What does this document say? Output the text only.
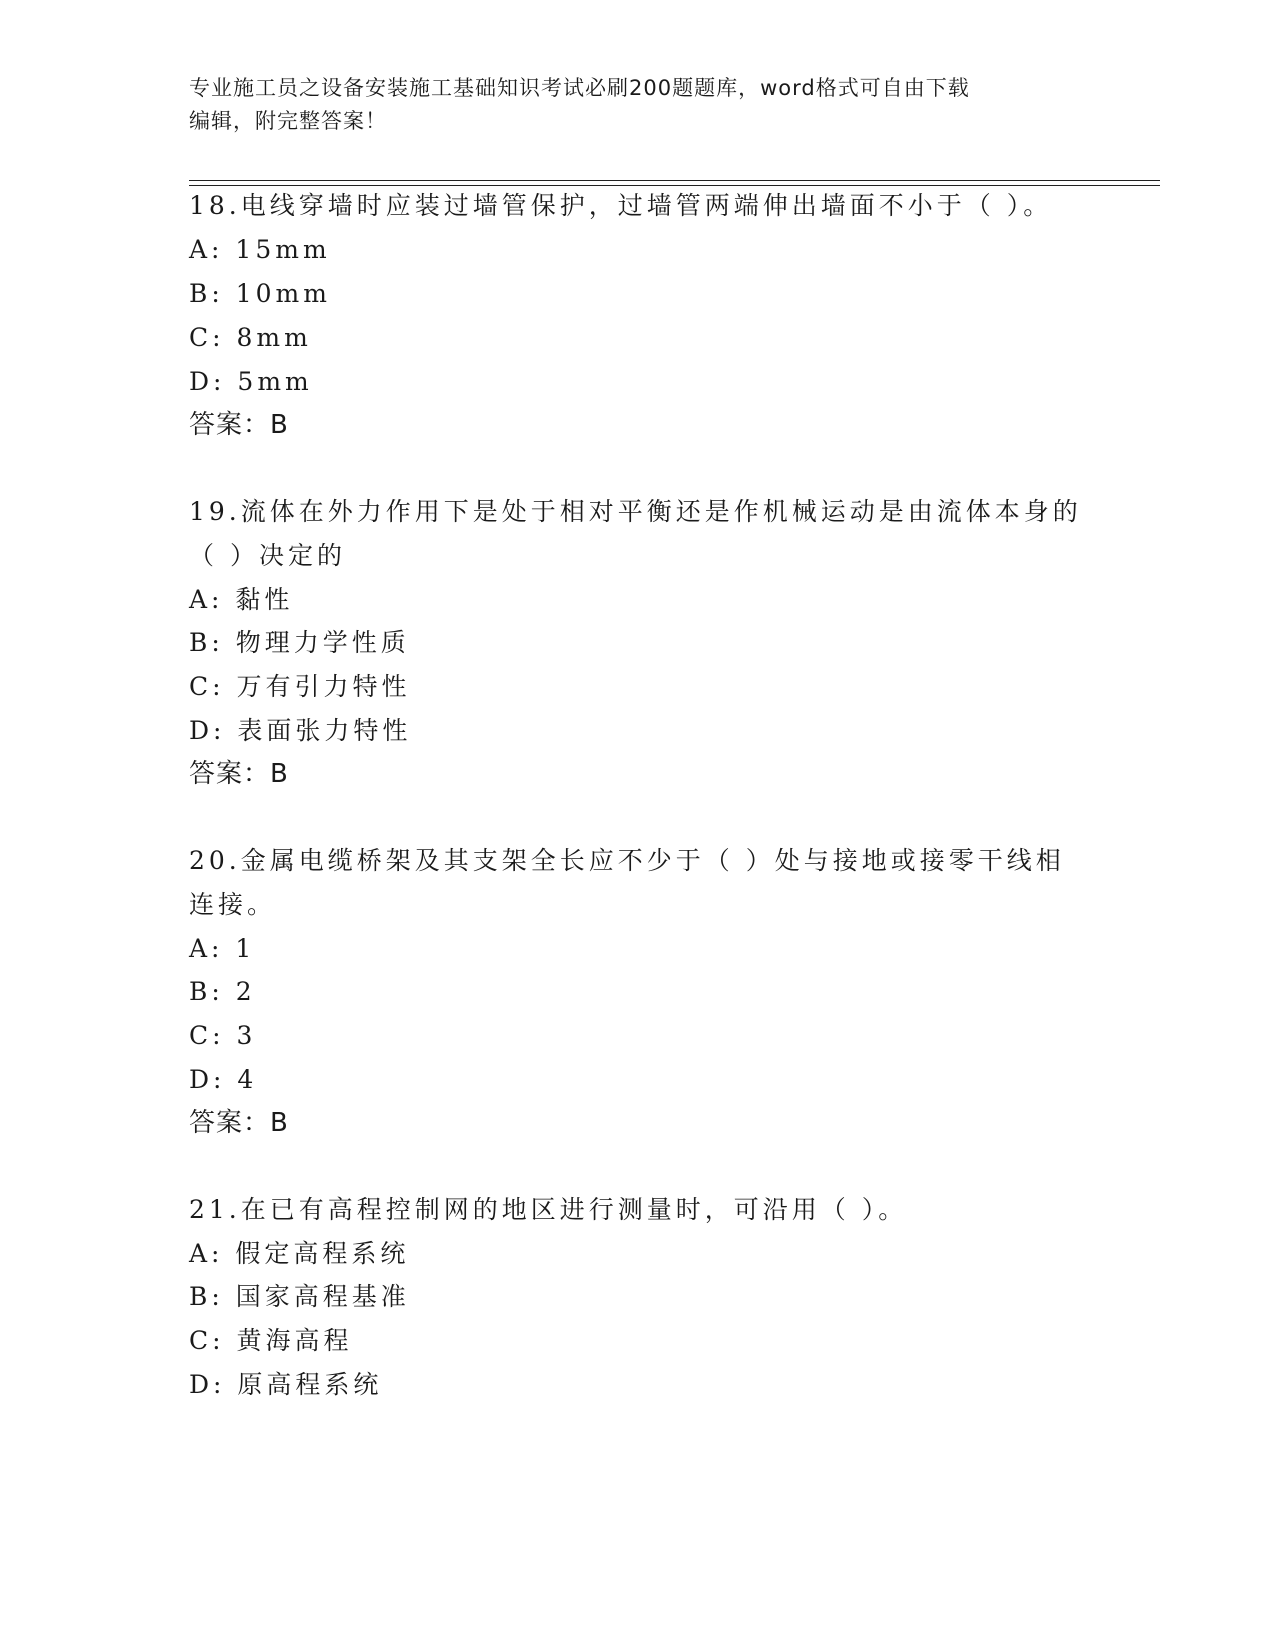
专业施工员之设备安装施工基础知识考试必刷200题题库，word格式可自由下载
编辑，附完整答案！
18.电线穿墙时应装过墙管保护，过墙管两端伸出墙面不小于（ ）。
A: 15mm
B: 10mm
C: 8mm
D: 5mm
答案：B
19.流体在外力作用下是处于相对平衡还是作机械运动是由流体本身的
（ ）决定的
A: 黏性
B: 物理力学性质
C: 万有引力特性
D: 表面张力特性
答案：B
20.金属电缆桥架及其支架全长应不少于（ ）处与接地或接零干线相
连接。
A: 1
B: 2
C: 3
D: 4
答案：B
21.在已有高程控制网的地区进行测量时，可沿用（ ）。
A: 假定高程系统
B: 国家高程基准
C: 黄海高程
D: 原高程系统
